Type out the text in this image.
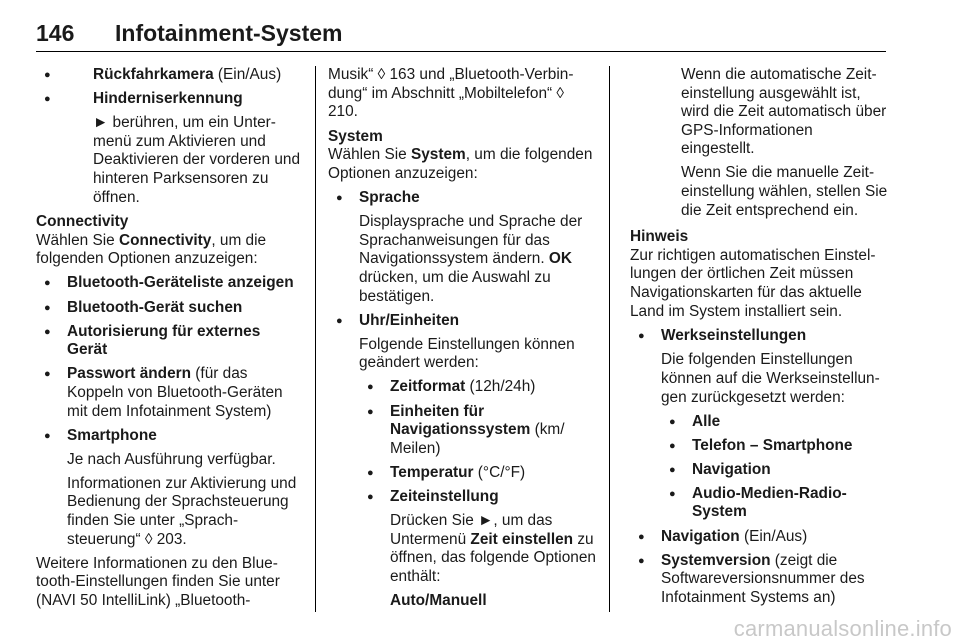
146 Infotainment-System
● Rückfahrkamera (Ein/Aus)
● Hinderniserkennung

► berühren, um ein Untermenü zum Aktivieren und Deaktivieren der vorderen und hinteren Parksensoren zu öffnen.

Connectivity

Wählen Sie Connectivity, um die folgenden Optionen anzuzeigen:

● Bluetooth-Geräteliste anzeigen
● Bluetooth-Gerät suchen
● Autorisierung für externes Gerät
● Passwort ändern (für das Koppeln von Bluetooth-Geräten mit dem Infotainment System)
● Smartphone

Je nach Ausführung verfügbar.

Informationen zur Aktivierung und Bedienung der Sprachsteuerung finden Sie unter „Sprachsteuerung“ ◊ 203.

Weitere Informationen zu den Bluetooth-Einstellungen finden Sie unter (NAVI 50 IntelliLink) „Bluetooth-

Musik“ ◊ 163 und „Bluetooth-Verbindung“ im Abschnitt „Mobiltelefon“ ◊ 210.

System

Wählen Sie System, um die folgenden Optionen anzuzeigen:

● Sprache

Displaysprache und Sprache der Sprachanweisungen für das Navigationssystem ändern. OK drücken, um die Auswahl zu bestätigen.

● Uhr/Einheiten

Folgende Einstellungen können geändert werden:

● Zeitformat (12h/24h)
● Einheiten für Navigationssystem (km/ Meilen)
● Temperatur (°C/°F)
● Zeiteinstellung

Drücken Sie ►, um das Untermenü Zeit einstellen zu öffnen, das folgende Optionen enthält:

Auto/Manuell

Wenn die automatische Zeiteinstellung ausgewählt ist, wird die Zeit automatisch über GPS-Informationen eingestellt.

Wenn Sie die manuelle Zeiteinstellung wählen, stellen Sie die Zeit entsprechend ein.

Hinweis

Zur richtigen automatischen Einstellungen der örtlichen Zeit müssen Navigationskarten für das aktuelle Land im System installiert sein.

● Werkseinstellungen

Die folgenden Einstellungen können auf die Werkseinstellungen zurückgesetzt werden:

● Alle
● Telefon – Smartphone
● Navigation
● Audio-Medien-Radio-System
● Navigation (Ein/Aus)
● Systemversion (zeigt die Softwareversionsnummer des Infotainment Systems an)
carmanualsonline.info
